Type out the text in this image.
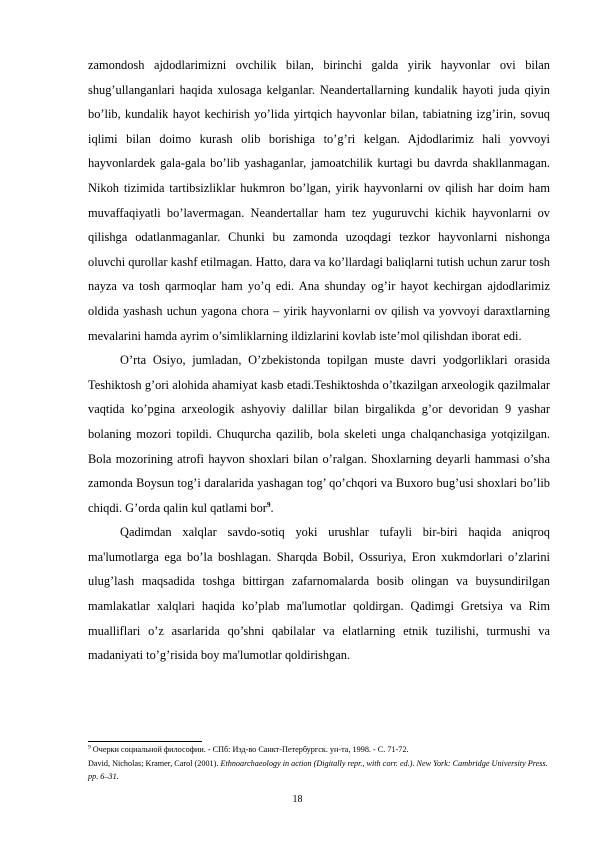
zamondosh ajdodlarimizni ovchilik bilan, birinchi galda yirik hayvonlar ovi bilan shug’ullanganlari haqida xulosaga kelganlar. Neandertallarning kundalik hayoti juda qiyin bo’lib, kundalik hayot kechirish yo’lida yirtqich hayvonlar bilan, tabiatning izg’irin, sovuq iqlimi bilan doimo kurash olib borishiga to’g’ri kelgan. Ajdodlarimiz hali yovvoyi hayvonlardek gala-gala bo’lib yashaganlar, jamoatchilik kurtagi bu davrda shakllanmagan. Nikoh tizimida tartibsizliklar hukmron bo’lgan, yirik hayvonlarni ov qilish har doim ham muvaffaqiyatli bo’lavermagan. Neandertallar ham tez yuguruvchi kichik hayvonlarni ov qilishga odatlanmaganlar. Chunki bu zamonda uzoqdagi tezkor hayvonlarni nishonga oluvchi qurollar kashf etilmagan. Hatto, dara va ko’llardagi baliqlarni tutish uchun zarur tosh nayza va tosh qarmoqlar ham yo’q edi. Ana shunday og’ir hayot kechirgan ajdodlarimiz oldida yashash uchun yagona chora – yirik hayvonlarni ov qilish va yovvoyi daraxtlarning mevalarini hamda ayrim o’simliklarning ildizlarini kovlab iste’mol qilishdan iborat edi.

O’rta Osiyo, jumladan, O’zbekistonda topilgan muste davri yodgorliklari orasida Teshiktosh g’ori alohida ahamiyat kasb etadi.Teshiktoshda o’tkazilgan arxeologik qazilmalar vaqtida ko’pgina arxeologik ashyoviy dalillar bilan birgalikda g’or devoridan 9 yashar bolaning mozori topildi. Chuqurcha qazilib, bola skeleti unga chalqanchasiga yotqizilgan. Bola mozorining atrofi hayvon shoxlari bilan o’ralgan. Shoxlarning deyarli hammasi o’sha zamonda Boysun tog’i daralarida yashagan tog’ qo’chqori va Buxoro bug’usi shoxlari bo’lib chiqdi. G’orda qalin kul qatlami bor$^9$.

Qadimdan xalqlar savdo-sotiq yoki urushlar tufayli bir-biri haqida aniqroq ma'lumotlarga ega bo’la boshlagan. Sharqda Bobil, Ossuriya, Eron xukmdorlari o’zlarini ulug’lash maqsadida toshga bittirgan zafarnomalarda bosib olingan va buysundirilgan mamlakatlar xalqlari haqida ko’plab ma'lumotlar qoldirgan. Qadimgi Gretsiya va Rim mualliflari o’z asarlarida qo’shni qabilalar va elatlarning etnik tuzilishi, turmushi va madaniyati to’g’risida boy ma'lumotlar qoldirishgan.

$^9$ Очерки социальной философии. - СПб: Изд-во Санкт-Петербургск. ун-та, 1998. - С. 71-72.

David, Nicholas; Kramer, Carol (2001). Ethnoarchaeology in action (Digitally repr., with corr. ed.). New York: Cambridge University Press. pp. 6–31.

18
